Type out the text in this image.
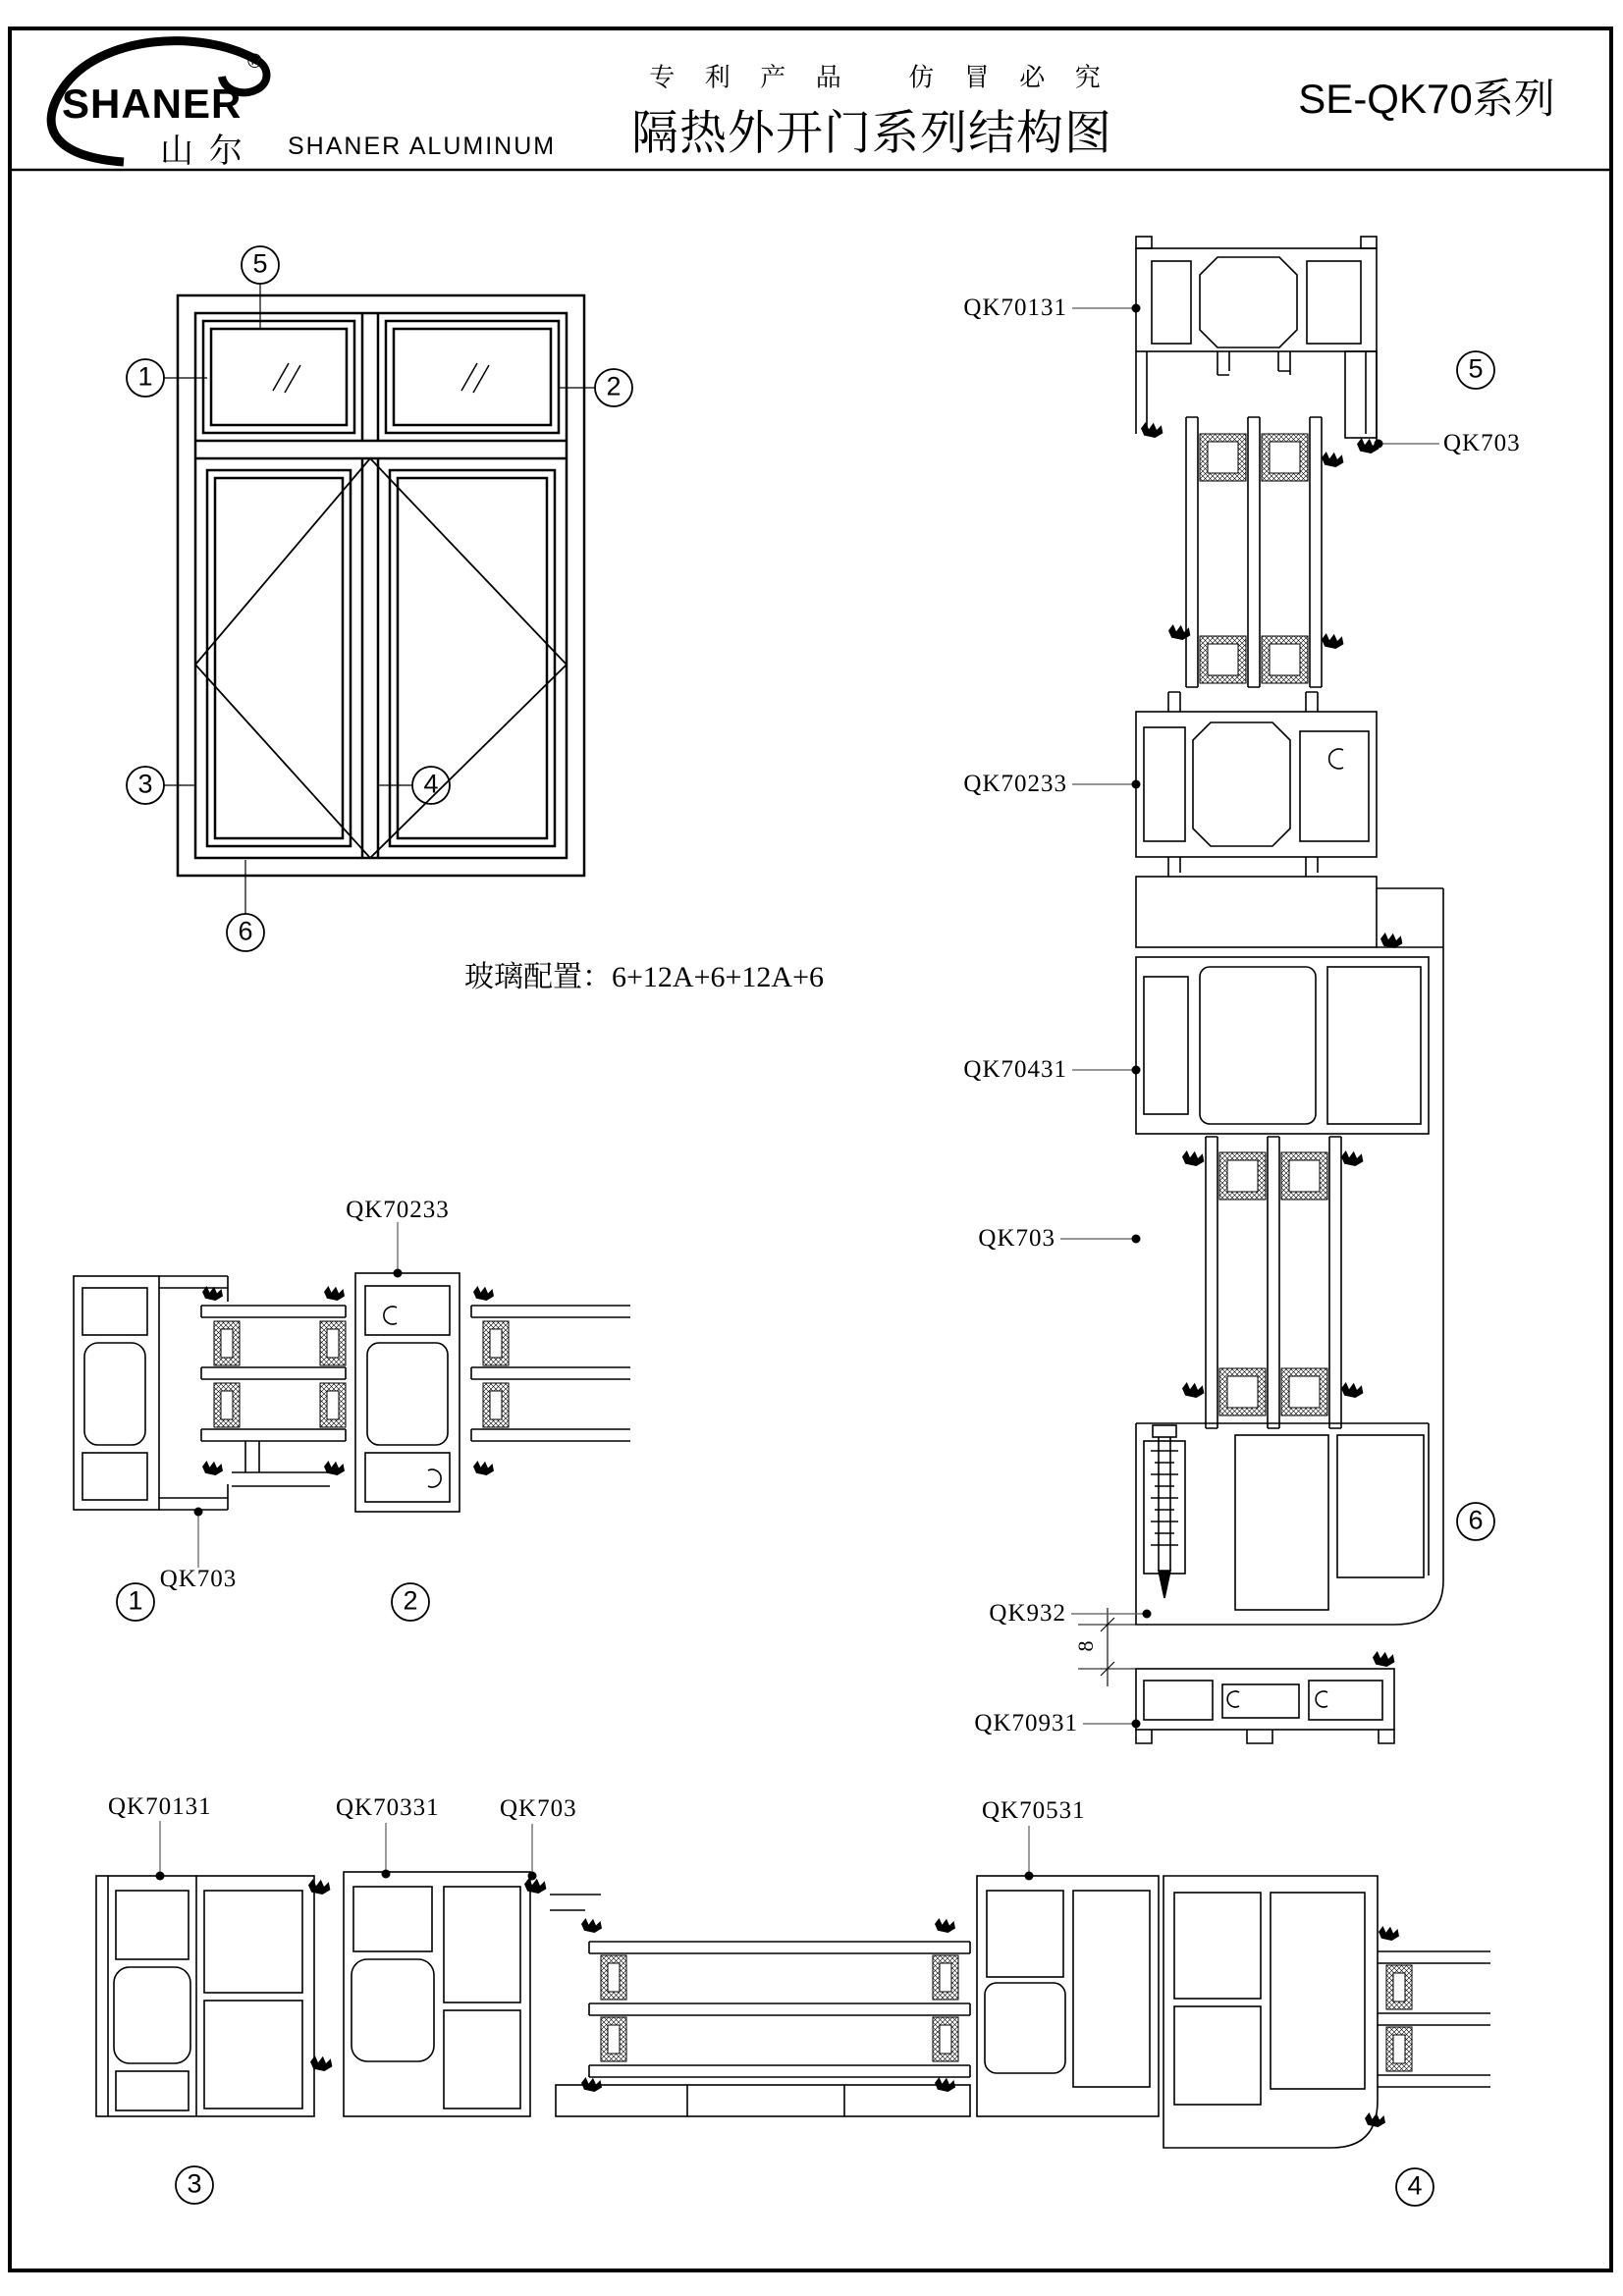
SHANER
®
山尔 SHANER ALUMINUM
专 利 产 品　 仿 冒 必 究
隔热外开门系列结构图
SE-QK70系列
玻璃配置：6+12A+6+12A+6
QK70131
QK703
QK70233
QK70431
QK703
QK932
8
QK70931
QK70233
QK703
QK70131	QK70331 QK703	QK70531
1	2
3	4
5
6
5
6
1	2
3	4
